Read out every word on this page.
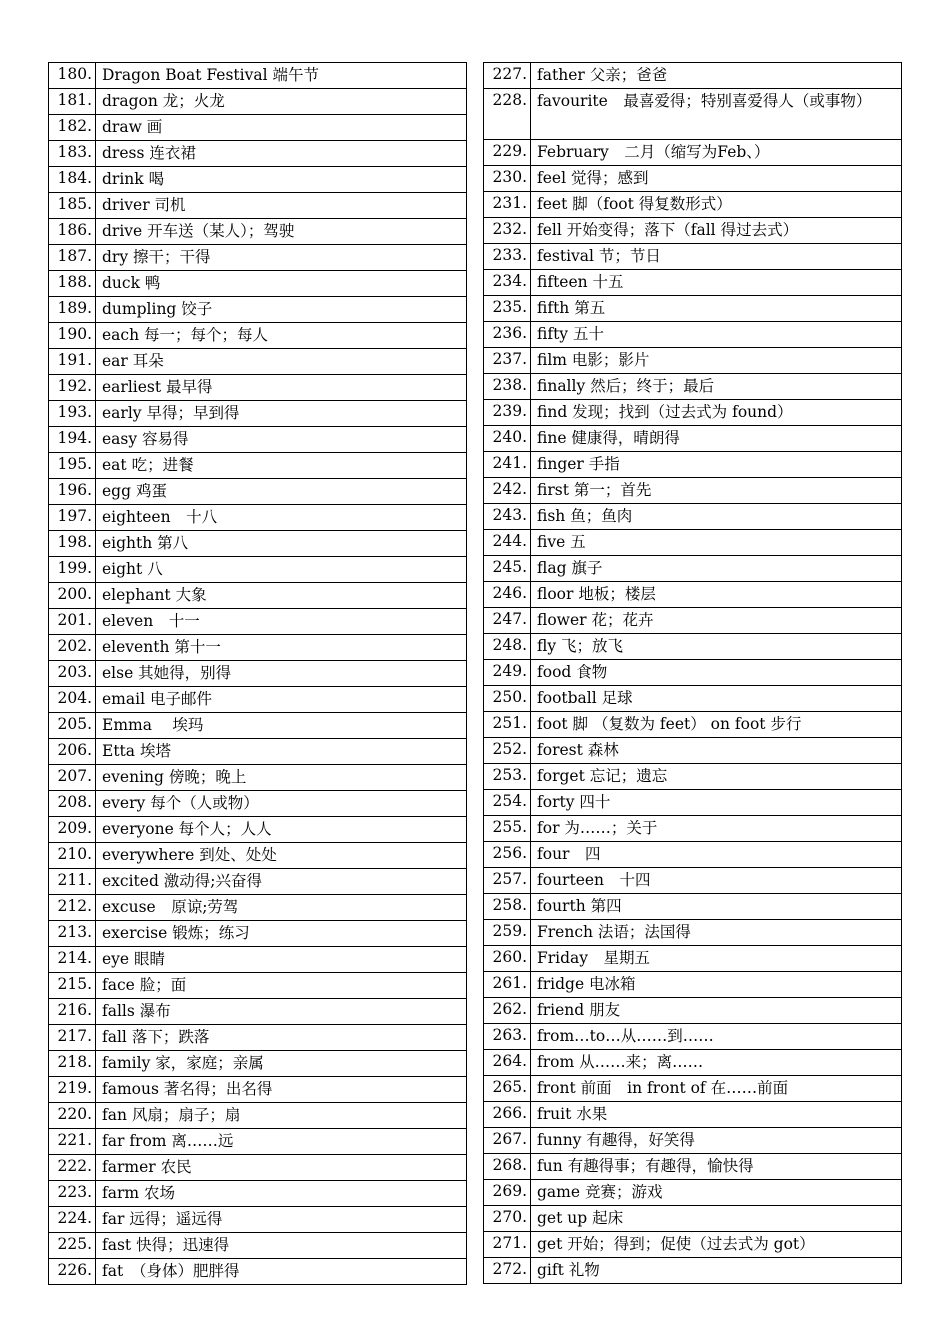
180.	Dragon Boat Festival 端午节
181.	dragon 龙；火龙
182.	draw 画
183.	dress 连衣裙
184.	drink 喝
185.	driver 司机
186.	drive 开车送（某人）；驾驶
187.	dry 擦干；干得
188.	duck 鸭
189.	dumpling 饺子
190.	each 每一；每个；每人
191.	ear 耳朵
192.	earliest 最早得
193.	early 早得；早到得
194.	easy 容易得
195.	eat 吃；进餐
196.	egg 鸡蛋
197.	eighteen　十八
198.	eighth 第八
199.	eight 八
200.	elephant 大象
201.	eleven　十一
202.	eleventh 第十一
203.	else 其她得，别得
204.	email 电子邮件
205.	Emma　 埃玛
206.	Etta 埃塔
207.	evening 傍晚；晚上
208.	every 每个（人或物）
209.	everyone 每个人；人人
210.	everywhere 到处、处处
211.	excited 激动得;兴奋得
212.	excuse　原谅;劳驾
213.	exercise 锻炼；练习
214.	eye 眼睛
215.	face 脸；面
216.	falls 瀑布
217.	fall 落下；跌落
218.	family 家，家庭；亲属
219.	famous 著名得；出名得
220.	fan 风扇；扇子；扇
221.	far from 离……远
222.	farmer 农民
223.	farm 农场
224.	far 远得；遥远得
225.	fast 快得；迅速得
226.	fat　（身体）肥胖得
227.	father 父亲；爸爸
228.	favourite　最喜爱得；特别喜爱得人（或事物）
229.	February　二月（缩写为Feb、）
230.	feel 觉得；感到
231.	feet 脚（foot 得复数形式）
232.	fell 开始变得；落下（fall 得过去式）
233.	festival 节；节日
234.	fifteen 十五
235.	fifth 第五
236.	fifty 五十
237.	film 电影；影片
238.	finally 然后；终于；最后
239.	find 发现；找到（过去式为 found）
240.	fine 健康得，晴朗得
241.	finger 手指
242.	first 第一；首先
243.	fish 鱼；鱼肉
244.	five 五
245.	flag 旗子
246.	floor 地板；楼层
247.	flower 花；花卉
248.	fly 飞；放飞
249.	food 食物
250.	football 足球
251.	foot 脚 （复数为 feet） on foot 步行
252.	forest 森林
253.	forget 忘记；遗忘
254.	forty 四十
255.	for 为……；关于
256.	four　四
257.	fourteen　十四
258.	fourth 第四
259.	French 法语；法国得
260.	Friday　星期五
261.	fridge 电冰箱
262.	friend 朋友
263.	from…to…从……到……
264.	from 从……来；离……
265.	front 前面　in front of 在……前面
266.	fruit 水果
267.	funny 有趣得，好笑得
268.	fun 有趣得事；有趣得，愉快得
269.	game 竞赛；游戏
270.	get up 起床
271.	get 开始；得到；促使（过去式为 got）
272.	gift 礼物
